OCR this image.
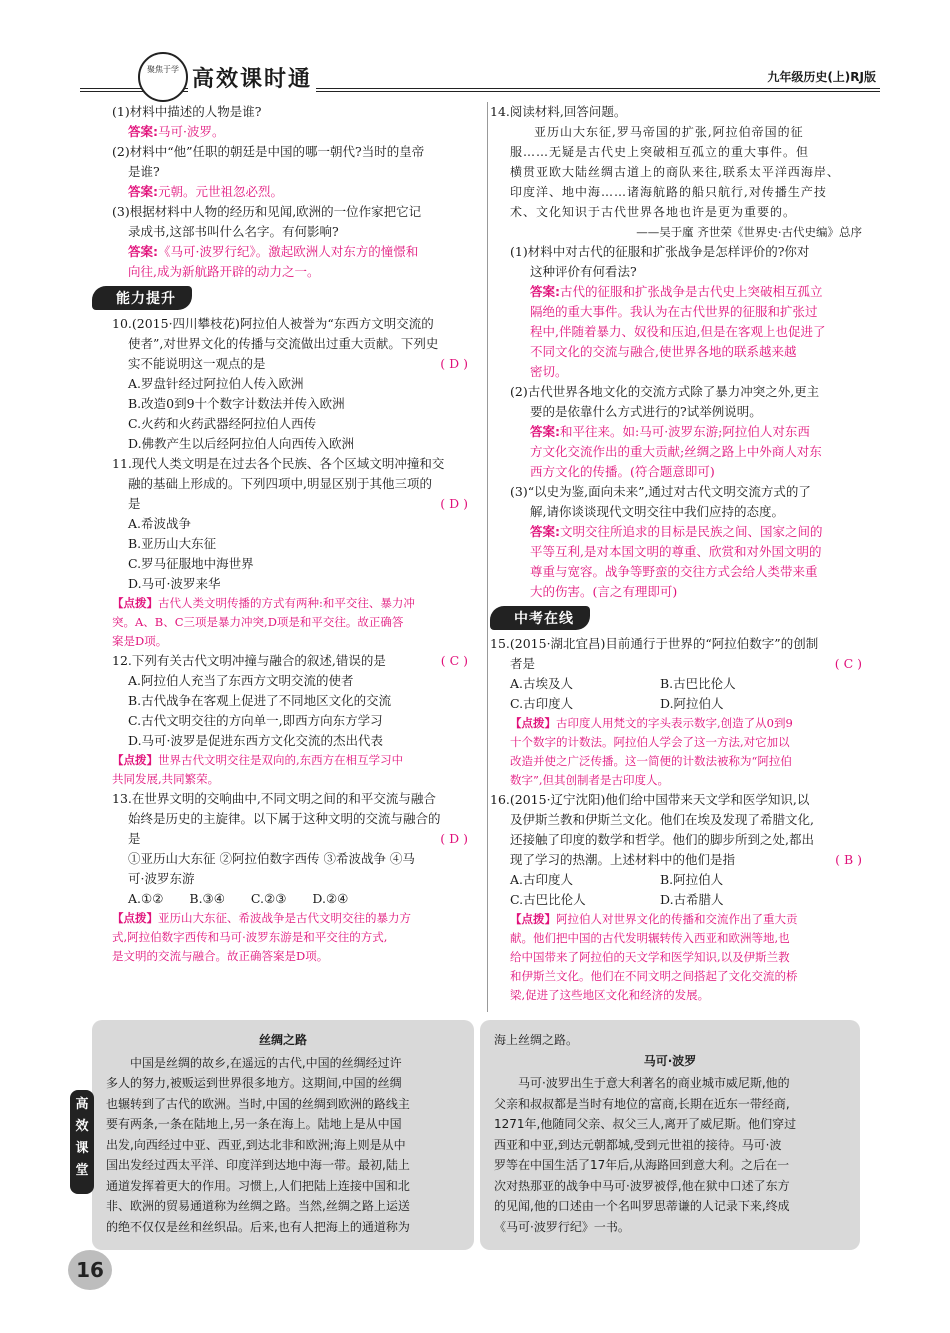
聚焦于学 高效课时通	九年级历史(上)RJ版
(1)材料中描述的人物是谁?
答案:马可·波罗。
(2)材料中“他”任职的朝廷是中国的哪一朝代?当时的皇帝
是谁?
答案:元朝。元世祖忽必烈。
(3)根据材料中人物的经历和见闻,欧洲的一位作家把它记
录成书,这部书叫什么名字。有何影响?
答案:《马可·波罗行纪》。激起欧洲人对东方的憧憬和
向往,成为新航路开辟的动力之一。
能力提升
10.(2015·四川攀枝花)阿拉伯人被誉为“东西方文明交流的
使者”,对世界文化的传播与交流做出过重大贡献。下列史
实不能说明这一观点的是	( D )
A.罗盘针经过阿拉伯人传入欧洲
B.改造0到9十个数字计数法并传入欧洲
C.火药和火药武器经阿拉伯人西传
D.佛教产生以后经阿拉伯人向西传入欧洲
11.现代人类文明是在过去各个民族、各个区域文明冲撞和交
融的基础上形成的。下列四项中,明显区别于其他三项的
是	( D )
A.希波战争
B.亚历山大东征
C.罗马征服地中海世界
D.马可·波罗来华
【点拨】古代人类文明传播的方式有两种:和平交往、暴力冲
突。A、B、C三项是暴力冲突,D项是和平交往。故正确答
案是D项。
12.下列有关古代文明冲撞与融合的叙述,错误的是	( C )
A.阿拉伯人充当了东西方文明交流的使者
B.古代战争在客观上促进了不同地区文化的交流
C.古代文明交往的方向单一,即西方向东方学习
D.马可·波罗是促进东西方文化交流的杰出代表
【点拨】世界古代文明交往是双向的,东西方在相互学习中
共同发展,共同繁荣。
13.在世界文明的交响曲中,不同文明之间的和平交流与融合
始终是历史的主旋律。以下属于这种文明的交流与融合的
是	( D )
①亚历山大东征 ②阿拉伯数字西传 ③希波战争 ④马
可·波罗东游
A.①② B.③④ C.②③ D.②④
【点拨】亚历山大东征、希波战争是古代文明交往的暴力方
式,阿拉伯数字西传和马可·波罗东游是和平交往的方式,
是文明的交流与融合。故正确答案是D项。
14.阅读材料,回答问题。
亚历山大东征,罗马帝国的扩张,阿拉伯帝国的征
服……无疑是古代史上突破相互孤立的重大事件。但
横贯亚欧大陆丝绸古道上的商队来往,联系太平洋西海岸、
印度洋、地中海……诸海航路的船只航行,对传播生产技
术、文化知识于古代世界各地也许是更为重要的。
——吴于廑 齐世荣《世界史·古代史编》总序
(1)材料中对古代的征服和扩张战争是怎样评价的?你对
这种评价有何看法?
答案:古代的征服和扩张战争是古代史上突破相互孤立
隔绝的重大事件。我认为在古代世界的征服和扩张过
程中,伴随着暴力、奴役和压迫,但是在客观上也促进了
不同文化的交流与融合,使世界各地的联系越来越
密切。
(2)古代世界各地文化的交流方式除了暴力冲突之外,更主
要的是依靠什么方式进行的?试举例说明。
答案:和平往来。如:马可·波罗东游;阿拉伯人对东西
方文化交流作出的重大贡献;丝绸之路上中外商人对东
西方文化的传播。(符合题意即可)
(3)“以史为鉴,面向未来”,通过对古代文明交流方式的了
解,请你谈谈现代文明交往中我们应持的态度。
答案:文明交往所追求的目标是民族之间、国家之间的
平等互利,是对本国文明的尊重、欣赏和对外国文明的
尊重与宽容。战争等野蛮的交往方式会给人类带来重
大的伤害。(言之有理即可)
中考在线
15.(2015·湖北宜昌)目前通行于世界的“阿拉伯数字”的创制
者是	( C )
A.古埃及人	B.古巴比伦人
C.古印度人	D.阿拉伯人
【点拨】古印度人用梵文的字头表示数字,创造了从0到9
十个数字的计数法。阿拉伯人学会了这一方法,对它加以
改造并使之广泛传播。这一简便的计数法被称为“阿拉伯
数字”,但其创制者是古印度人。
16.(2015·辽宁沈阳)他们给中国带来天文学和医学知识,以
及伊斯兰教和伊斯兰文化。他们在埃及发现了希腊文化,
还接触了印度的数学和哲学。他们的脚步所到之处,都出
现了学习的热潮。上述材料中的他们是指	( B )
A.古印度人	B.阿拉伯人
C.古巴比伦人	D.古希腊人
【点拨】阿拉伯人对世界文化的传播和交流作出了重大贡
献。他们把中国的古代发明辗转传入西亚和欧洲等地,也
给中国带来了阿拉伯的天文学和医学知识,以及伊斯兰教
和伊斯兰文化。他们在不同文明之间搭起了文化交流的桥
梁,促进了这些地区文化和经济的发展。
丝绸之路

中国是丝绸的故乡,在遥远的古代,中国的丝绸经过许

多人的努力,被贩运到世界很多地方。这期间,中国的丝绸

也辗转到了古代的欧洲。当时,中国的丝绸到欧洲的路线主

要有两条,一条在陆地上,另一条在海上。陆地上是从中国

出发,向西经过中亚、西亚,到达北非和欧洲;海上则是从中

国出发经过西太平洋、印度洋到达地中海一带。最初,陆上

通道发挥着更大的作用。习惯上,人们把陆上连接中国和北

非、欧洲的贸易通道称为丝绸之路。当然,丝绸之路上运送

的绝不仅仅是丝和丝织品。后来,也有人把海上的通道称为

海上丝绸之路。

马可·波罗

马可·波罗出生于意大利著名的商业城市威尼斯,他的

父亲和叔叔都是当时有地位的富商,长期在近东一带经商,

1271年,他随同父亲、叔父三人,离开了威尼斯。他们穿过

西亚和中亚,到达元朝都城,受到元世祖的接待。马可·波

罗等在中国生活了17年后,从海路回到意大利。之后在一

次对热那亚的战争中马可·波罗被俘,他在狱中口述了东方

的见闻,他的口述由一个名叫罗思蒂谦的人记录下来,终成

《马可·波罗行纪》一书。

高效课堂
16
